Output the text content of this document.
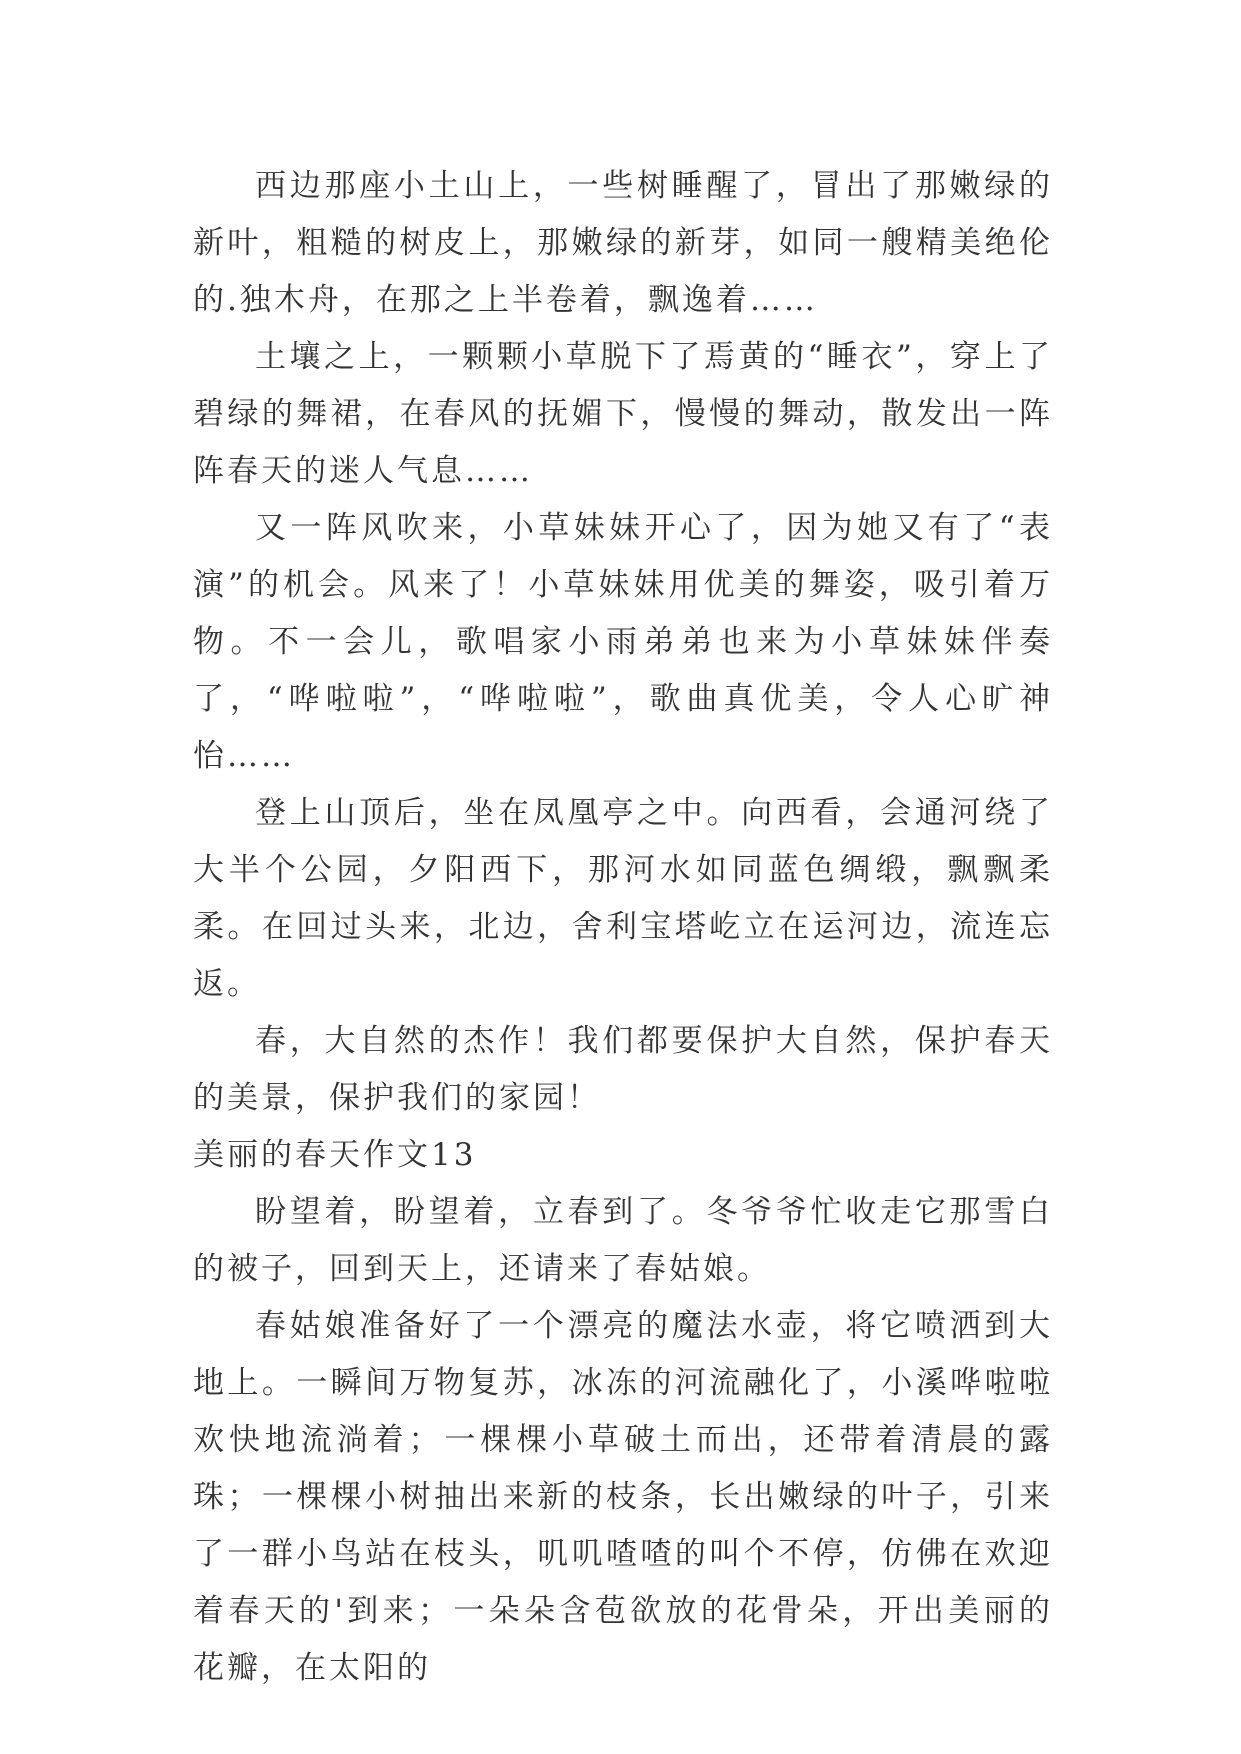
西边那座小土山上，一些树睡醒了，冒出了那嫩绿的新叶，粗糙的树皮上，那嫩绿的新芽，如同一艘精美绝伦的.独木舟，在那之上半卷着，飘逸着……

土壤之上，一颗颗小草脱下了焉黄的“睡衣”，穿上了碧绿的舞裙，在春风的抚媚下，慢慢的舞动，散发出一阵阵春天的迷人气息……

又一阵风吹来，小草妹妹开心了，因为她又有了“表演”的机会。风来了！小草妹妹用优美的舞姿，吸引着万物。不一会儿，歌唱家小雨弟弟也来为小草妹妹伴奏了，“哗啦啦”，“哗啦啦”，歌曲真优美，令人心旷神怡……

登上山顶后，坐在凤凰亭之中。向西看，会通河绕了大半个公园，夕阳西下，那河水如同蓝色绸缎，飘飘柔柔。在回过头来，北边，舍利宝塔屹立在运河边，流连忘返。

春，大自然的杰作！我们都要保护大自然，保护春天的美景，保护我们的家园！

美丽的春天作文13

盼望着，盼望着，立春到了。冬爷爷忙收走它那雪白的被子，回到天上，还请来了春姑娘。

春姑娘准备好了一个漂亮的魔法水壶，将它喷洒到大地上。一瞬间万物复苏，冰冻的河流融化了，小溪哗啦啦欢快地流淌着；一棵棵小草破土而出，还带着清晨的露珠；一棵棵小树抽出来新的枝条，长出嫩绿的叶子，引来了一群小鸟站在枝头，叽叽喳喳的叫个不停，仿佛在欢迎着春天的'到来；一朵朵含苞欲放的花骨朵，开出美丽的花瓣，在太阳的
